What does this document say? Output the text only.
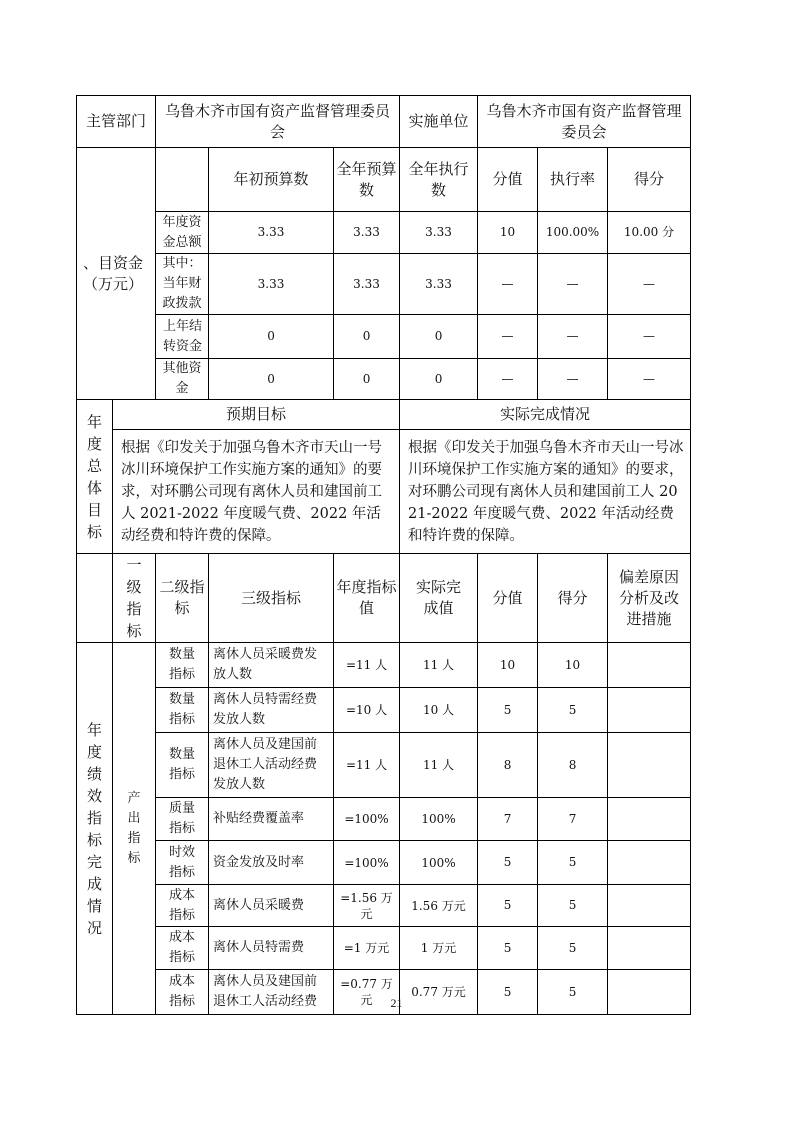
主管部门		乌鲁木齐市国有资产监督管理委员会			实施单位	乌鲁木齐市国有资产监督管理委员会		
、目资金（万元）			年初预算数	全年预算数	全年执行数	分值	执行率	得分
		年度资金总额	3.33	3.33	3.33	10	100.00%	10.00 分
		其中：当年财政拨款	3.33	3.33	3.33	—	—	—
		上年结转资金	0	0	0	—	—	—
		其他资金	0	0	0	—	—	—

年度总体目标	预期目标				实际完成情况			
	根据《印发关于加强乌鲁木齐市天山一号冰川环境保护工作实施方案的通知》的要求，对环鹏公司现有离休人员和建国前工人 2021-2022 年度暖气费、2022 年活动经费和特许费的保障。				根据《印发关于加强乌鲁木齐市天山一号冰川环境保护工作实施方案的通知》的要求，对环鹏公司现有离休人员和建国前工人 2021-2022 年度暖气费、2022 年活动经费和特许费的保障。			
	一级指标	二级指标	三级指标	年度指标值	实际完成值	分值	得分	偏差原因分析及改进措施

年度绩效指标完成情况	产出指标	数量指标	离休人员采暖费发放人数	=11 人	11 人	10	10	
		数量指标	离休人员特需经费发放人数	=10 人	10 人	5	5	
		数量指标	离休人员及建国前退休工人活动经费发放人数	=11 人	11 人	8	8	
		质量指标	补贴经费覆盖率	=100%	100%	7	7	
		时效指标	资金发放及时率	=100%	100%	5	5	
		成本指标	离休人员采暖费	=1.56 万元	1.56 万元	5	5	
		成本指标	离休人员特需费	=1 万元	1 万元	5	5	
		成本指标	离休人员及建国前退休工人活动经费	=0.77 万元	0.77 万元	5	5	
21
